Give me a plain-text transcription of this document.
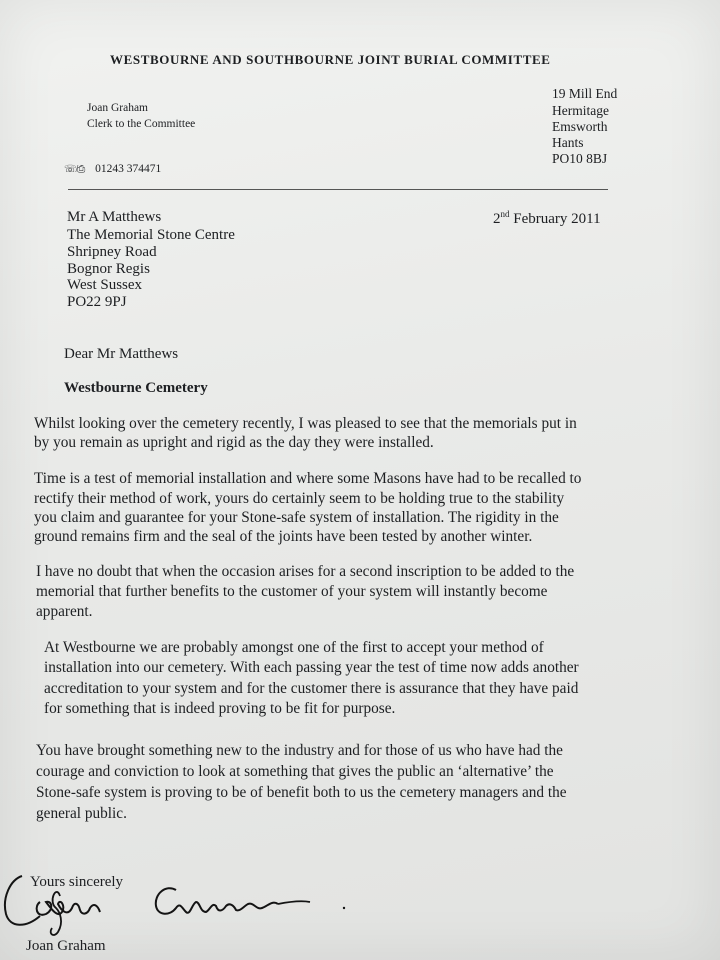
WESTBOURNE AND SOUTHBOURNE JOINT BURIAL COMMITTEE
Joan Graham
Clerk to the Committee
19 Mill End
Hermitage
Emsworth
Hants
PO10 8BJ
☏/⎙ 01243 374471
Mr A Matthews
The Memorial Stone Centre
Shripney Road
Bognor Regis
West Sussex
PO22 9PJ
2nd February 2011
Dear Mr Matthews
Westbourne Cemetery
Whilst looking over the cemetery recently, I was pleased to see that the memorials put in
by you remain as upright and rigid as the day they were installed.
Time is a test of memorial installation and where some Masons have had to be recalled to
rectify their method of work, yours do certainly seem to be holding true to the stability
you claim and guarantee for your Stone-safe system of installation. The rigidity in the
ground remains firm and the seal of the joints have been tested by another winter.
I have no doubt that when the occasion arises for a second inscription to be added to the
memorial that further benefits to the customer of your system will instantly become
apparent.
At Westbourne we are probably amongst one of the first to accept your method of
installation into our cemetery. With each passing year the test of time now adds another
accreditation to your system and for the customer there is assurance that they have paid
for something that is indeed proving to be fit for purpose.
You have brought something new to the industry and for those of us who have had the
courage and conviction to look at something that gives the public an ‘alternative’ the
Stone-safe system is proving to be of benefit both to us the cemetery managers and the
general public.
Yours sincerely
Joan Graham
